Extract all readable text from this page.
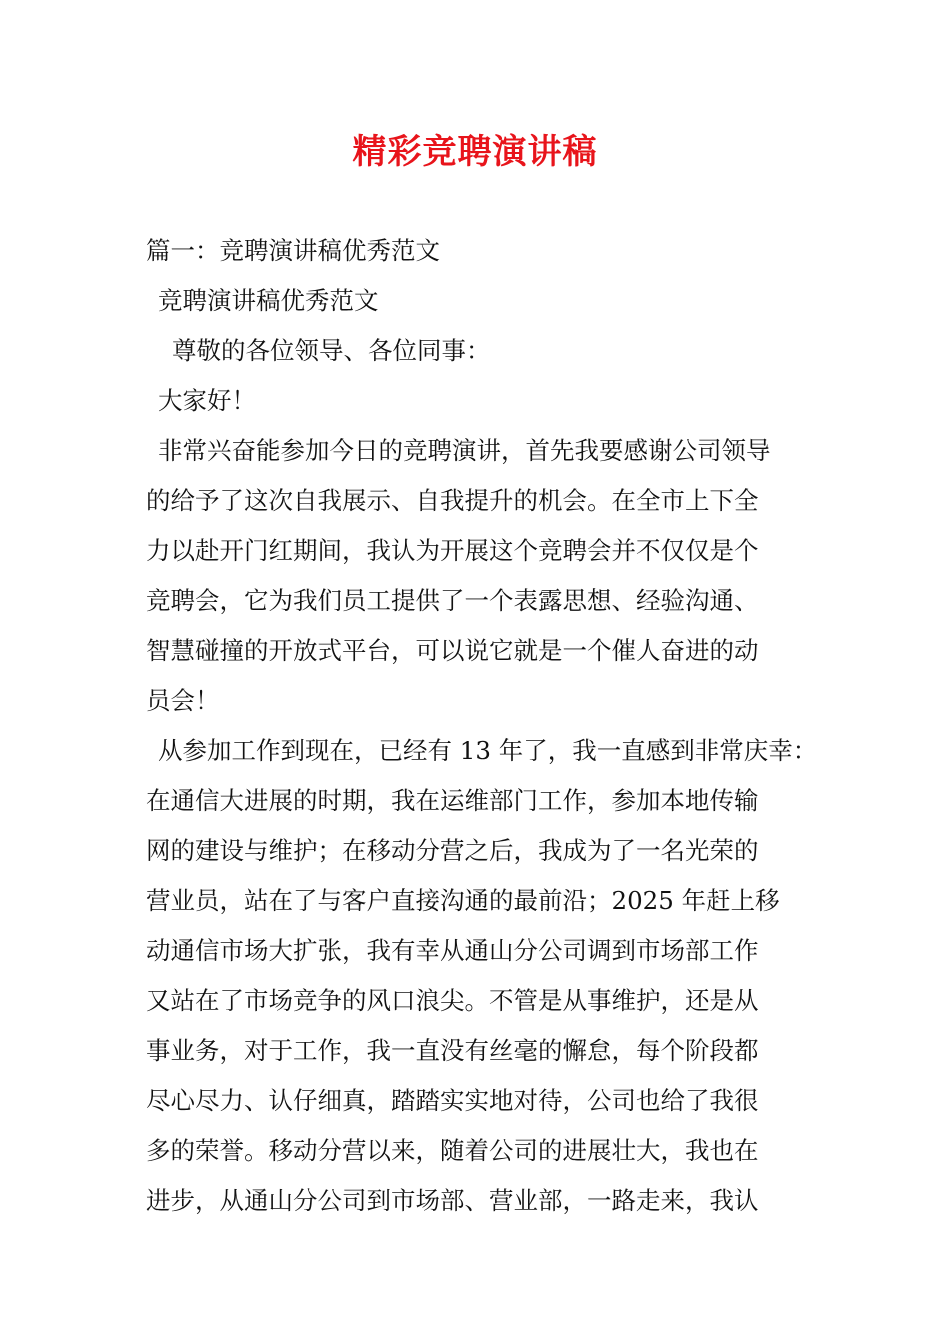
精彩竞聘演讲稿
篇一：竞聘演讲稿优秀范文
竞聘演讲稿优秀范文
尊敬的各位领导、各位同事：
大家好！
非常兴奋能参加今日的竞聘演讲，首先我要感谢公司领导
的给予了这次自我展示、自我提升的机会。在全市上下全
力以赴开门红期间，我认为开展这个竞聘会并不仅仅是个
竞聘会，它为我们员工提供了一个表露思想、经验沟通、
智慧碰撞的开放式平台，可以说它就是一个催人奋进的动
员会！
从参加工作到现在，已经有 13 年了，我一直感到非常庆幸：
在通信大进展的时期，我在运维部门工作，参加本地传输
网的建设与维护；在移动分营之后，我成为了一名光荣的
营业员，站在了与客户直接沟通的最前沿；2025 年赶上移
动通信市场大扩张，我有幸从通山分公司调到市场部工作
又站在了市场竞争的风口浪尖。不管是从事维护，还是从
事业务，对于工作，我一直没有丝毫的懈怠，每个阶段都
尽心尽力、认仔细真，踏踏实实地对待，公司也给了我很
多的荣誉。移动分营以来，随着公司的进展壮大，我也在
进步，从通山分公司到市场部、营业部，一路走来，我认
